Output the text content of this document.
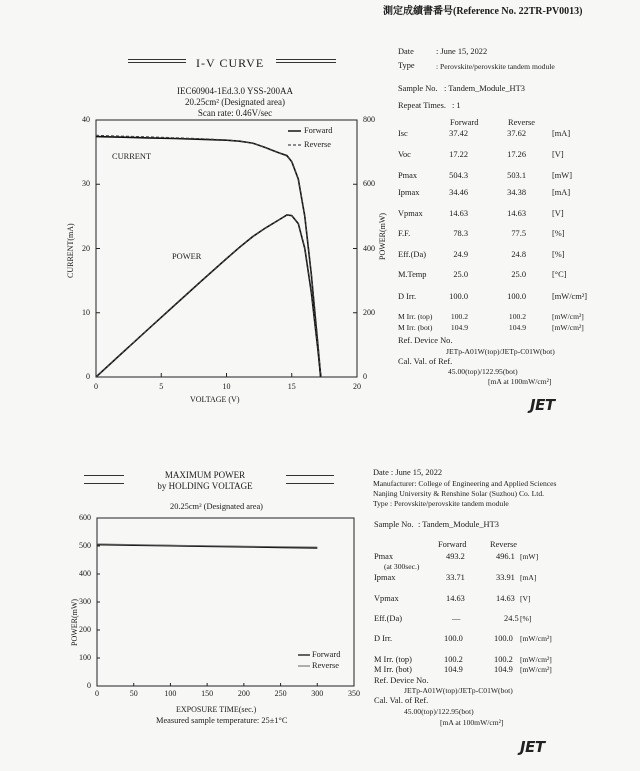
測定成績書番号(Reference No. 22TR-PV0013)
I-V CURVE
IEC60904-1Ed.3.0 YSS-200AA
20.25cm² (Designated area)
Scan rate: 0.46V/sec
Forward
Reverse
CURRENT
POWER
0	5	10	15	20
0
10
20
30
40
0
200
400
600
800
VOLTAGE (V)
CURRENT(mA)	POWER(mW)
Date	: June 15, 2022
Type	: Perovskite/perovskite tandem module
Sample No. : Tandem_Module_HT3
Repeat Times. : 1
Forward	Reverse
Isc	37.42	37.62	[mA]
Voc	17.22	17.26	[V]
Pmax	504.3	503.1	[mW]
Ipmax	34.46	34.38	[mA]
Vpmax	14.63	14.63	[V]
F.F.	78.3	77.5	[%]
Eff.(Da)	24.9	24.8	[%]
M.Temp	25.0	25.0	[°C]
D Irr.	100.0	100.0	[mW/cm²]
M Irr. (top)	100.2	100.2	[mW/cm²]
M Irr. (bot)	104.9	104.9	[mW/cm²]
Ref. Device No.
JETp-A01W(top)/JETp-C01W(bot)
Cal. Val. of Ref.
45.00(top)/122.95(bot)
[mA at 100mW/cm²]
JET
MAXIMUM POWER
by HOLDING VOLTAGE
20.25cm² (Designated area)
Forward
Reverse
0	50	100	150	200	250	300	350
0
100
200
300
400
500
600
EXPOSURE TIME(sec.)
POWER(mW)
Measured sample temperature: 25±1°C
Date : June 15, 2022
Manufacturer: College of Engineering and Applied Sciences
Nanjing University & Renshine Solar (Suzhou) Co. Ltd.
Type : Perovskite/perovskite tandem module
Sample No. : Tandem_Module_HT3
Forward	Reverse
Pmax
(at 300sec.)
493.2	496.1 [mW]
Ipmax	33.71	33.91 [mA]
Vpmax	14.63	14.63 [V]
Eff.(Da)	—	24.5 [%]
D Irr.	100.0	100.0 [mW/cm²]
M Irr. (top)	100.2	100.2 [mW/cm²]
M Irr. (bot)	104.9	104.9 [mW/cm²]
Ref. Device No.
JETp-A01W(top)/JETp-C01W(bot)
Cal. Val. of Ref.
45.00(top)/122.95(bot)
[mA at 100mW/cm²]
JET
